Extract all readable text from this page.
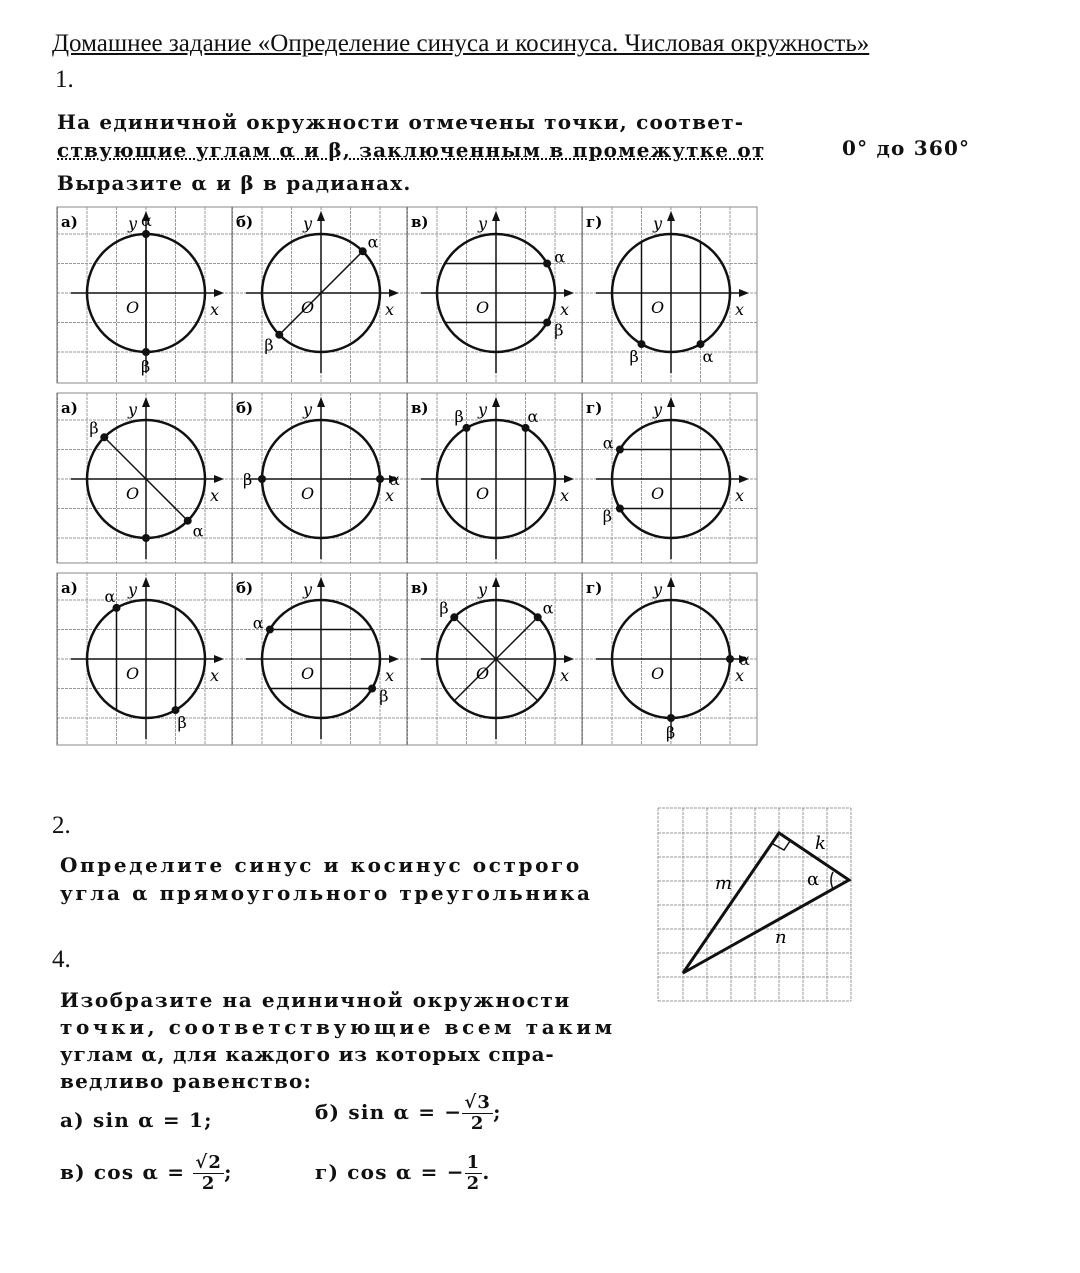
Домашнее задание «Определение синуса и косинуса. Числовая окружность»
1.
На единичной окружности отмечены точки, соответ-
ствующие углам α и β, заключенным в промежутке от	0° до 360°
Выразите α и β в радианах.
α
β
а)	y
x
O
α
β
б)	y
x
O
α
β
в)	y
x
O
α
β
г)	y
x
O
α
β
а)	y
x
O
α
β
б)	y
x
O
α
β
в)	y
x
O
α
β
г)	y
x
O
α
β
а)	y
x
O
α
β
б)	y
x
O
α
β
в)	y
x
O
α
β
г)	y
x
O
2.
Определите синус и косинус острого
угла α прямоугольного треугольника	m
k
n
α
4.
Изобразите на единичной окружности
точки, соответствующие всем таким
углам α, для каждого из которых спра-
ведливо равенство:
а) sin α = 1;	б) sin α = − $\frac{√3}{2}$ ;
в) $\cos \alpha = \frac{√2}{2}$ ;	г) cos α = − $\frac{1}{2}$ .
